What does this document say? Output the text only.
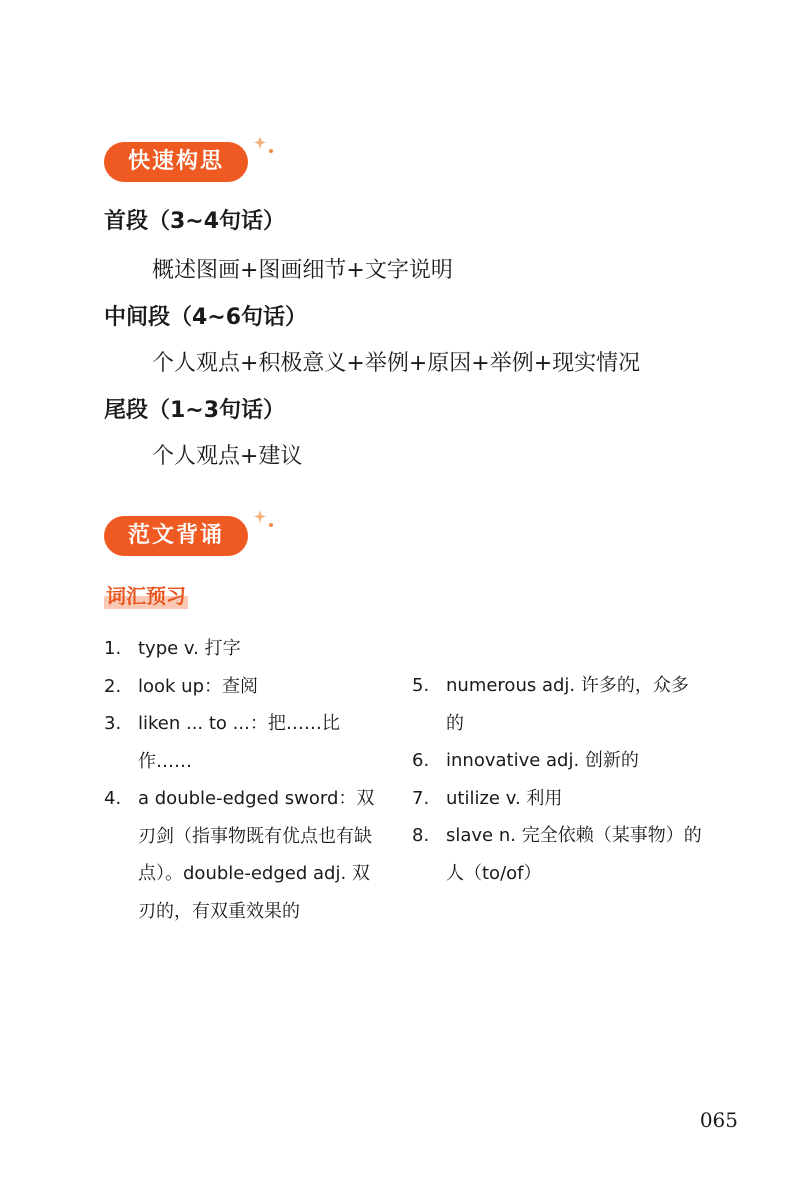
快速构思
首段（3~4句话）
概述图画+图画细节+文字说明
中间段（4~6句话）
个人观点+积极意义+举例+原因+举例+现实情况
尾段（1~3句话）
个人观点+建议
范文背诵
词汇预习
1. type v. 打字
2. look up：查阅
3. liken ... to ...：把……比作……
4. a double-edged sword：双刃剑（指事物既有优点也有缺点）。double-edged adj. 双刃的，有双重效果的
5. numerous adj. 许多的，众多的
6. innovative adj. 创新的
7. utilize v. 利用
8. slave n. 完全依赖（某事物）的人（to/of）
065
